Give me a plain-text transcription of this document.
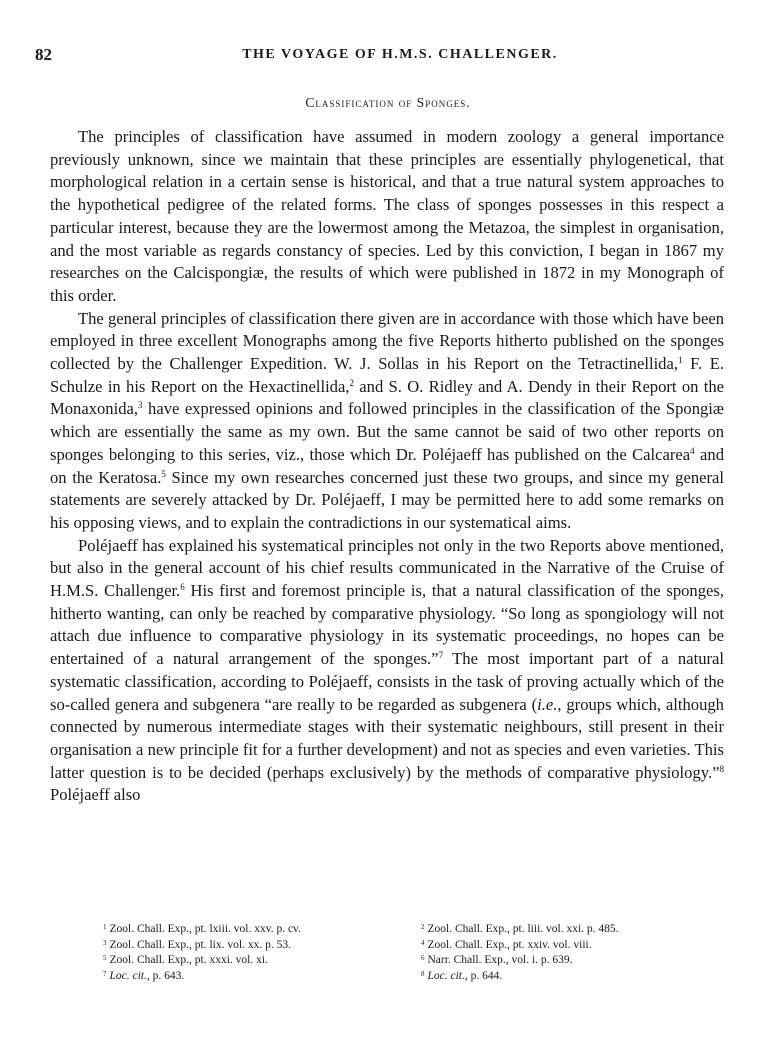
82	THE VOYAGE OF H.M.S. CHALLENGER.
Classification of Sponges.

The principles of classification have assumed in modern zoology a general importance previously unknown, since we maintain that these principles are essentially phylogenetical, that morphological relation in a certain sense is historical, and that a true natural system approaches to the hypothetical pedigree of the related forms. The class of sponges possesses in this respect a particular interest, because they are the lowermost among the Metazoa, the simplest in organisation, and the most variable as regards constancy of species. Led by this conviction, I began in 1867 my researches on the Calcispongiæ, the results of which were published in 1872 in my Monograph of this order.

The general principles of classification there given are in accordance with those which have been employed in three excellent Monographs among the five Reports hitherto published on the sponges collected by the Challenger Expedition. W. J. Sollas in his Report on the Tetractinellida,$^1$ F. E. Schulze in his Report on the Hexactinellida,$^2$ and S. O. Ridley and A. Dendy in their Report on the Monaxonida,$^3$ have expressed opinions and followed principles in the classification of the Spongiæ which are essentially the same as my own. But the same cannot be said of two other reports on sponges belonging to this series, viz., those which Dr. Poléjaeff has published on the Calcarea$^4$ and on the Keratosa.$^5$ Since my own researches concerned just these two groups, and since my general statements are severely attacked by Dr. Poléjaeff, I may be permitted here to add some remarks on his opposing views, and to explain the contradictions in our systematical aims.

Poléjaeff has explained his systematical principles not only in the two Reports above mentioned, but also in the general account of his chief results communicated in the Narrative of the Cruise of H.M.S. Challenger.$^6$ His first and foremost principle is, that a natural classification of the sponges, hitherto wanting, can only be reached by comparative physiology. “So long as spongiology will not attach due influence to comparative physiology in its systematic proceedings, no hopes can be entertained of a natural arrangement of the sponges.”$^7$ The most important part of a natural systematic classification, according to Poléjaeff, consists in the task of proving actually which of the so-called genera and subgenera “are really to be regarded as subgenera (i.e., groups which, although connected by numerous intermediate stages with their systematic neighbours, still present in their organisation a new principle fit for a further development) and not as species and even varieties. This latter question is to be decided (perhaps exclusively) by the methods of comparative physiology.”$^8$ Poléjaeff also

$^1$ Zool. Chall. Exp., pt. lxiii. vol. xxv. p. cv.	$^2$ Zool. Chall. Exp., pt. liii. vol. xxi. p. 485.
$^3$ Zool. Chall. Exp., pt. lix. vol. xx. p. 53.	$^4$ Zool. Chall. Exp., pt. xxiv. vol. viii.
$^5$ Zool. Chall. Exp., pt. xxxi. vol. xi.	$^6$ Narr. Chall. Exp., vol. i. p. 639.
$^7$ Loc. cit., p. 643.	$^8$ Loc. cit., p. 644.
